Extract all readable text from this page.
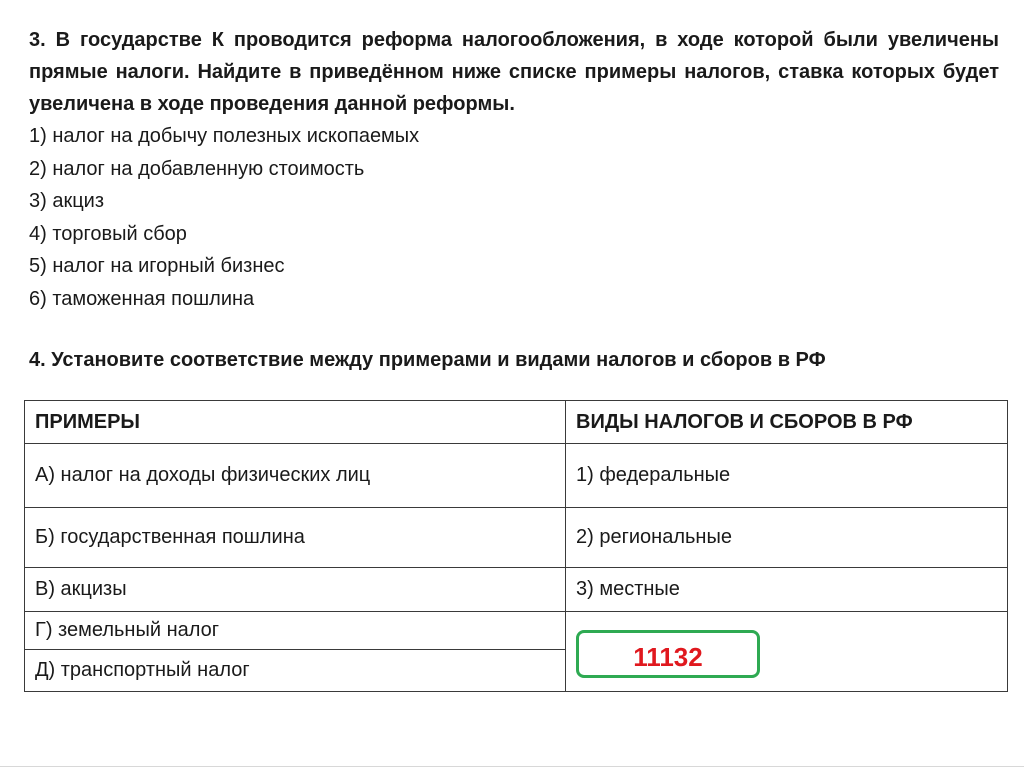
3. В государстве К проводится реформа налогообложения, в ходе которой были увеличены прямые налоги. Найдите в приведённом ниже списке примеры налогов, ставка которых будет увеличена в ходе проведения данной реформы.

1) налог на добычу полезных ископаемых
2) налог на добавленную стоимость
3) акциз
4) торговый сбор
5) налог на игорный бизнес
6) таможенная пошлина

4. Установите соответствие между примерами и видами налогов и сборов в РФ

ПРИМЕРЫ	ВИДЫ НАЛОГОВ И СБОРОВ В РФ
А) налог на доходы физических лиц	1) федеральные
Б) государственная пошлина	2) региональные
В) акцизы	3) местные
Г) земельный налог	11132
Д) транспортный налог	
